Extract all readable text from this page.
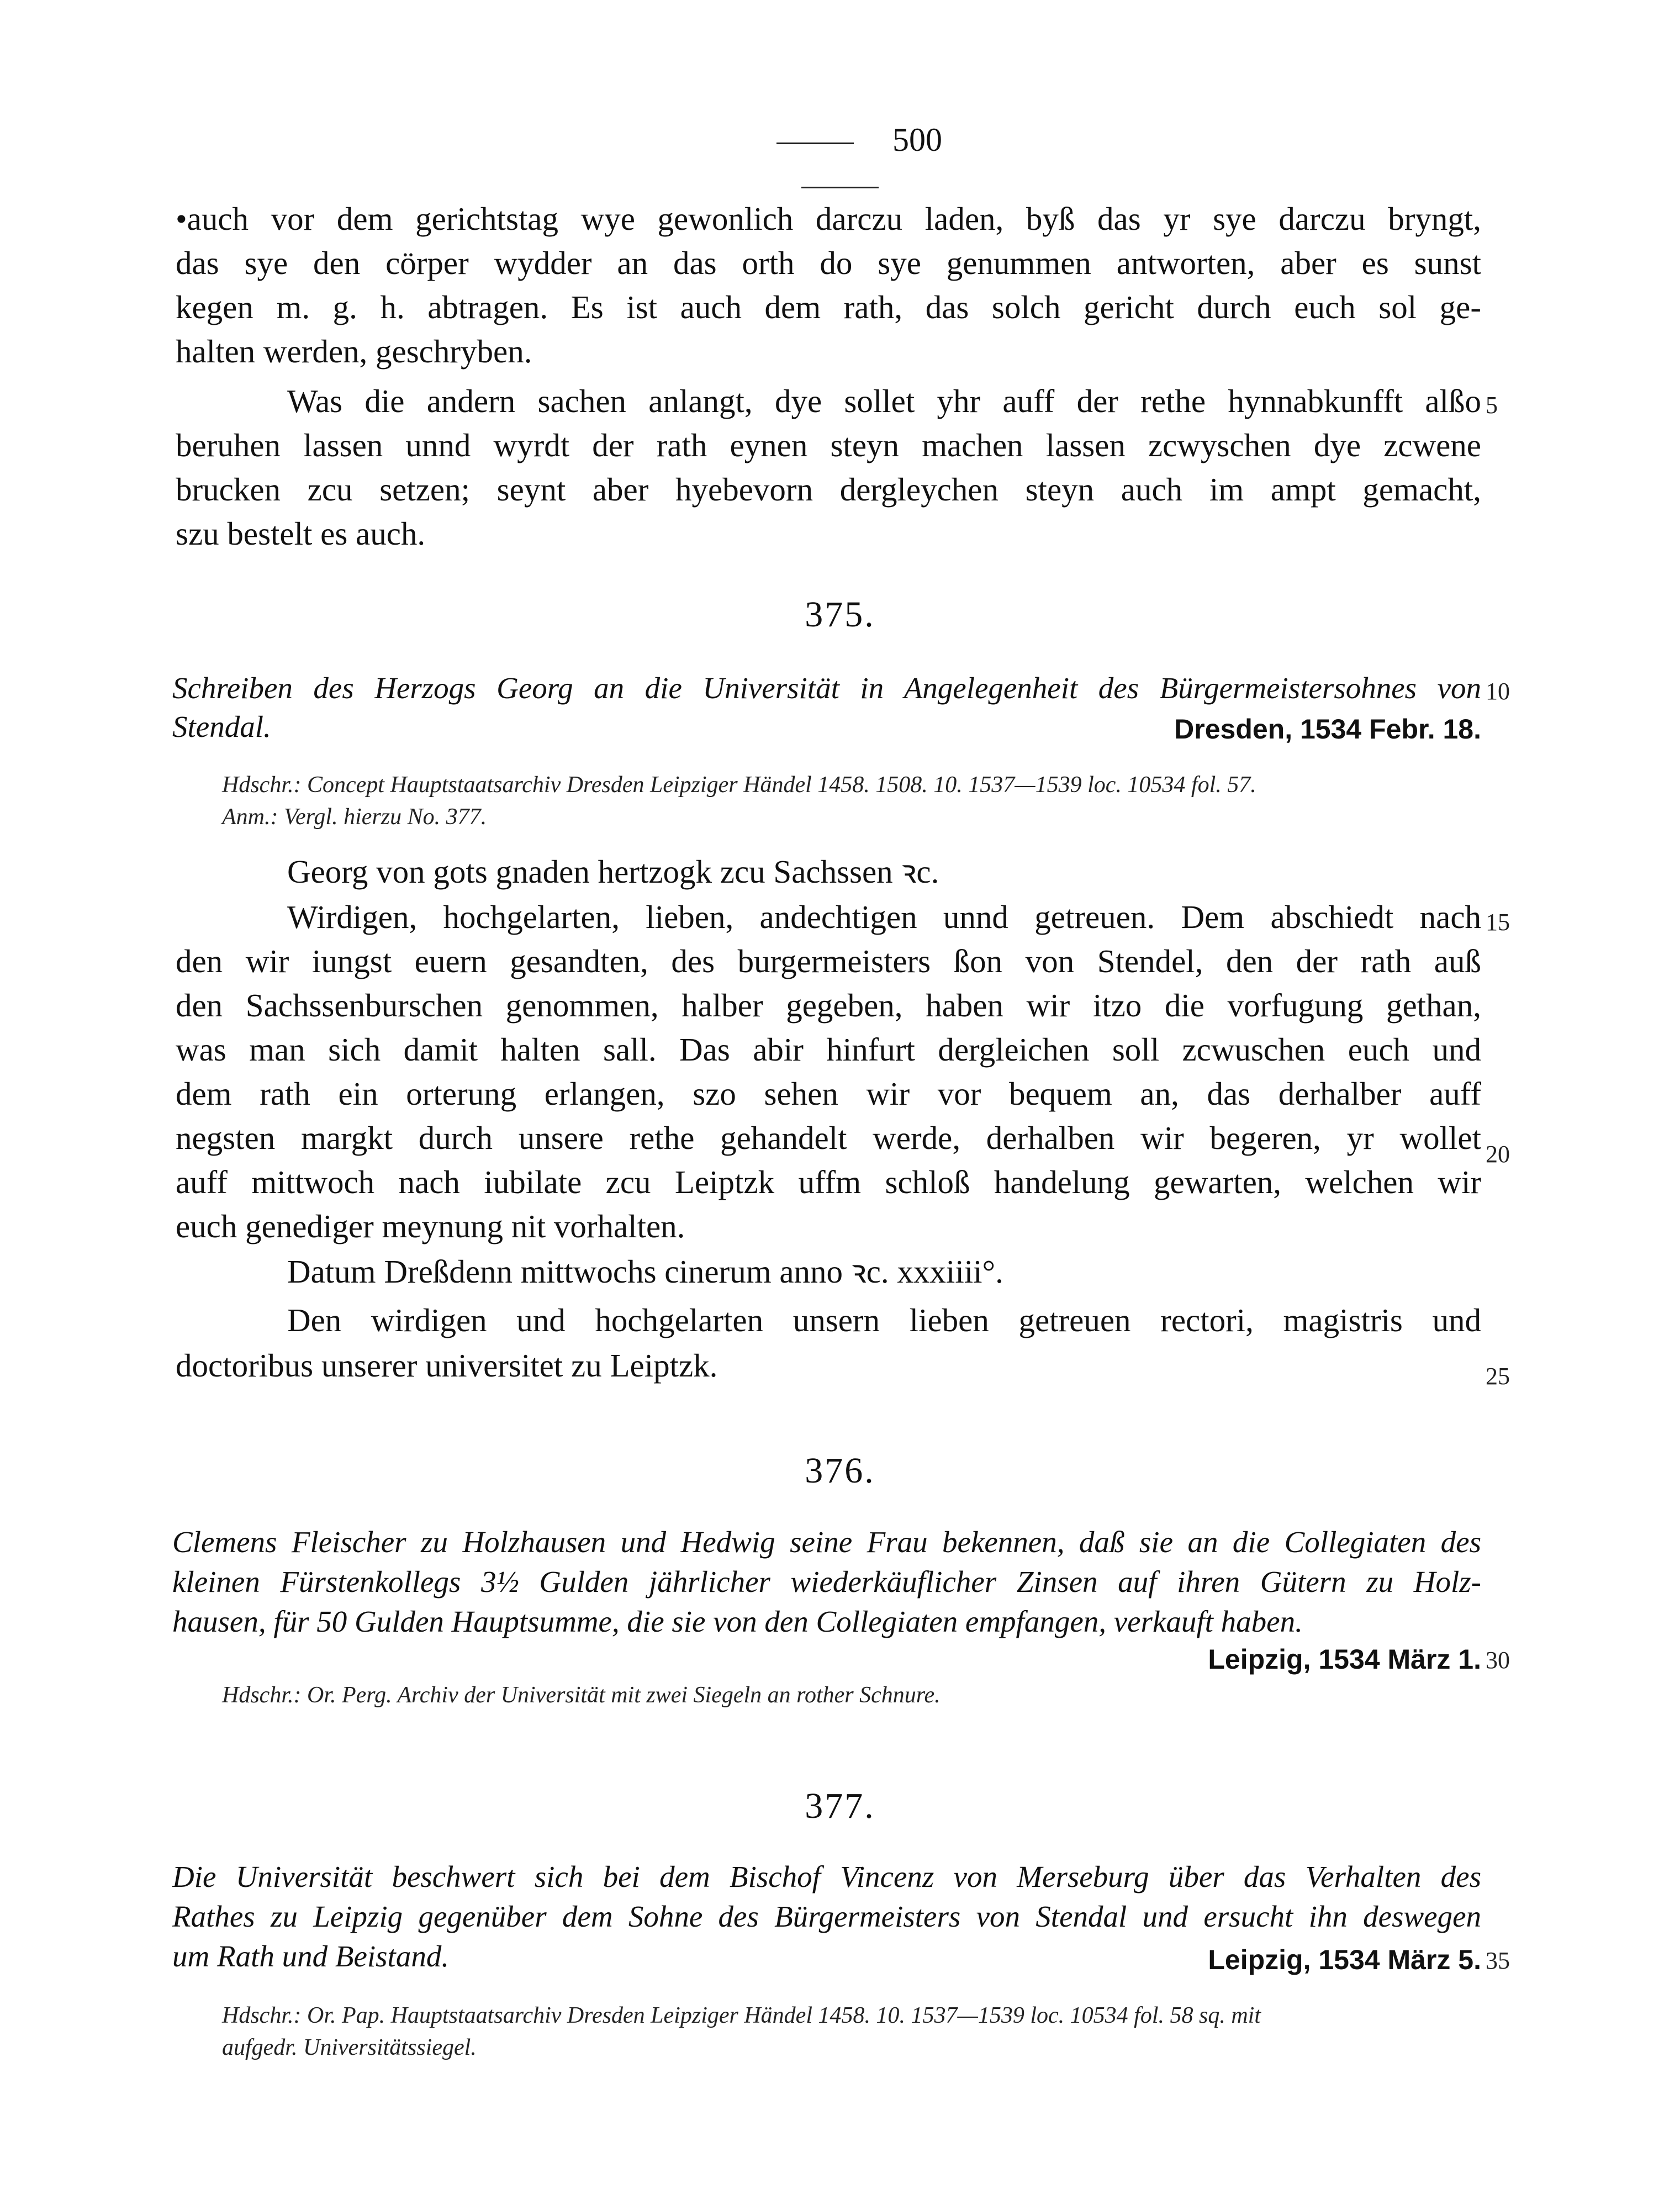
500
•auch vor dem gerichtstag wye gewonlich darczu laden, byß das yr sye darczu bryngt,
das sye den cörper wydder an das orth do sye genummen antworten, aber es sunst
kegen m. g. h. abtragen. Es ist auch dem rath, das solch gericht durch euch sol ge-
halten werden, geschryben.
Was die andern sachen anlangt, dye sollet yhr auff der rethe hynnabkunfft alßo
beruhen lassen unnd wyrdt der rath eynen steyn machen lassen zcwyschen dye zcwene
brucken zcu setzen; seynt aber hyebevorn dergleychen steyn auch im ampt gemacht,
szu bestelt es auch.
5
10
15
20
25
30
35
375.
Schreiben des Herzogs Georg an die Universität in Angelegenheit des Bürgermeistersohnes von
Stendal.	Dresden, 1534 Febr. 18.
Hdschr.: Concept Hauptstaatsarchiv Dresden Leipziger Händel 1458. 1508. 10. 1537—1539 loc. 10534 fol. 57.
Anm.: Vergl. hierzu No. 377.
Georg von gots gnaden hertzogk zcu Sachssen ꝛc.
Wirdigen, hochgelarten, lieben, andechtigen unnd getreuen. Dem abschiedt nach
den wir iungst euern gesandten, des burgermeisters ßon von Stendel, den der rath auß
den Sachssenburschen genommen, halber gegeben, haben wir itzo die vorfugung gethan,
was man sich damit halten sall. Das abir hinfurt dergleichen soll zcwuschen euch und
dem rath ein orterung erlangen, szo sehen wir vor bequem an, das derhalber auff
negsten margkt durch unsere rethe gehandelt werde, derhalben wir begeren, yr wollet
auff mittwoch nach iubilate zcu Leiptzk uffm schloß handelung gewarten, welchen wir
euch genediger meynung nit vorhalten.
Datum Dreßdenn mittwochs cinerum anno ꝛc. xxxiiii°.
Den wirdigen und hochgelarten unsern lieben getreuen rectori, magistris und
doctoribus unserer universitet zu Leiptzk.
376.
Clemens Fleischer zu Holzhausen und Hedwig seine Frau bekennen, daß sie an die Collegiaten des
kleinen Fürstenkollegs 3½ Gulden jährlicher wiederkäuflicher Zinsen auf ihren Gütern zu Holz-
hausen, für 50 Gulden Hauptsumme, die sie von den Collegiaten empfangen, verkauft haben.
Leipzig, 1534 März 1.
Hdschr.: Or. Perg. Archiv der Universität mit zwei Siegeln an rother Schnure.
377.
Die Universität beschwert sich bei dem Bischof Vincenz von Merseburg über das Verhalten des
Rathes zu Leipzig gegenüber dem Sohne des Bürgermeisters von Stendal und ersucht ihn deswegen
um Rath und Beistand.	Leipzig, 1534 März 5.
Hdschr.: Or. Pap. Hauptstaatsarchiv Dresden Leipziger Händel 1458. 10. 1537—1539 loc. 10534 fol. 58 sq. mit
aufgedr. Universitätssiegel.
